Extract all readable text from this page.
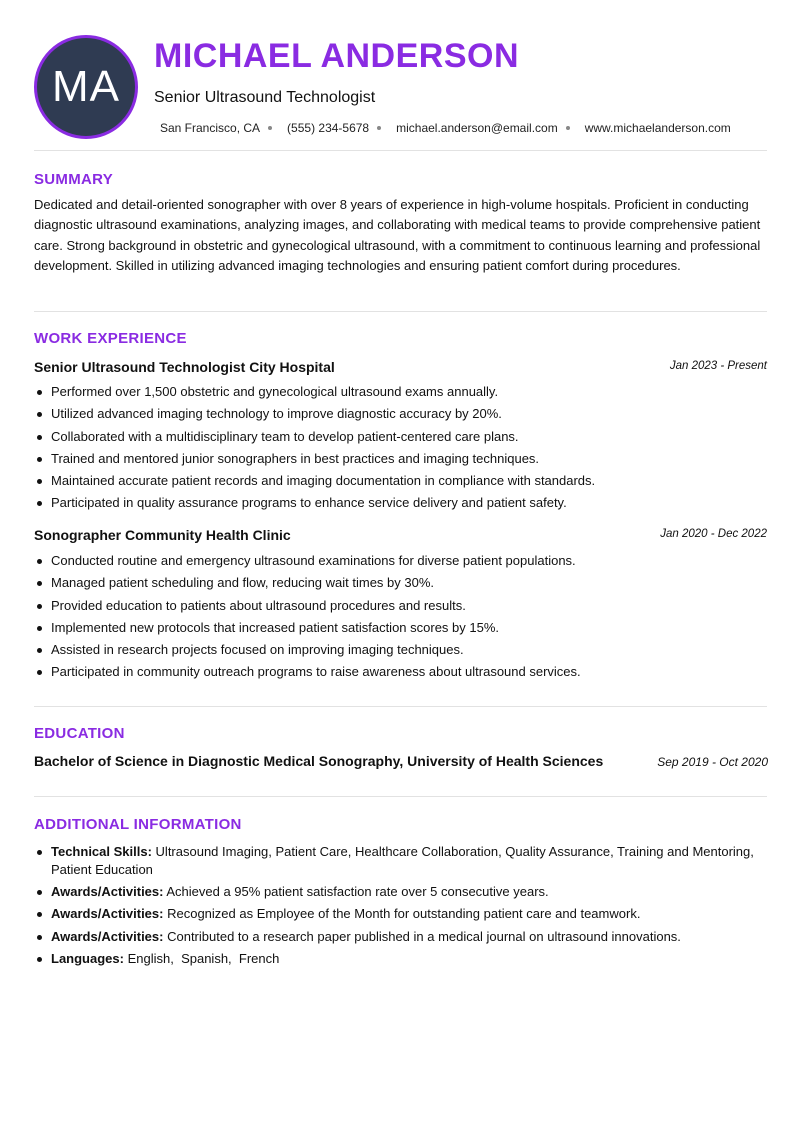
MA
MICHAEL ANDERSON
Senior Ultrasound Technologist
San Francisco, CA (555) 234-5678 michael.anderson@email.com www.michaelanderson.com
SUMMARY
Dedicated and detail-oriented sonographer with over 8 years of experience in high-volume hospitals. Proficient in conducting diagnostic ultrasound examinations, analyzing images, and collaborating with medical teams to provide comprehensive patient care. Strong background in obstetric and gynecological ultrasound, with a commitment to continuous learning and professional development. Skilled in utilizing advanced imaging technologies and ensuring patient comfort during procedures.
WORK EXPERIENCE
Senior Ultrasound Technologist City Hospital	Jan 2023 - Present
Performed over 1,500 obstetric and gynecological ultrasound exams annually.
Utilized advanced imaging technology to improve diagnostic accuracy by 20%.
Collaborated with a multidisciplinary team to develop patient-centered care plans.
Trained and mentored junior sonographers in best practices and imaging techniques.
Maintained accurate patient records and imaging documentation in compliance with standards.
Participated in quality assurance programs to enhance service delivery and patient safety.
Sonographer Community Health Clinic	Jan 2020 - Dec 2022
Conducted routine and emergency ultrasound examinations for diverse patient populations.
Managed patient scheduling and flow, reducing wait times by 30%.
Provided education to patients about ultrasound procedures and results.
Implemented new protocols that increased patient satisfaction scores by 15%.
Assisted in research projects focused on improving imaging techniques.
Participated in community outreach programs to raise awareness about ultrasound services.
EDUCATION
Bachelor of Science in Diagnostic Medical Sonography, University of Health Sciences	Sep 2019 - Oct 2020
ADDITIONAL INFORMATION
Technical Skills: Ultrasound Imaging, Patient Care, Healthcare Collaboration, Quality Assurance, Training and Mentoring, Patient Education
Awards/Activities: Achieved a 95% patient satisfaction rate over 5 consecutive years.
Awards/Activities: Recognized as Employee of the Month for outstanding patient care and teamwork.
Awards/Activities: Contributed to a research paper published in a medical journal on ultrasound innovations.
Languages: English,  Spanish,  French
